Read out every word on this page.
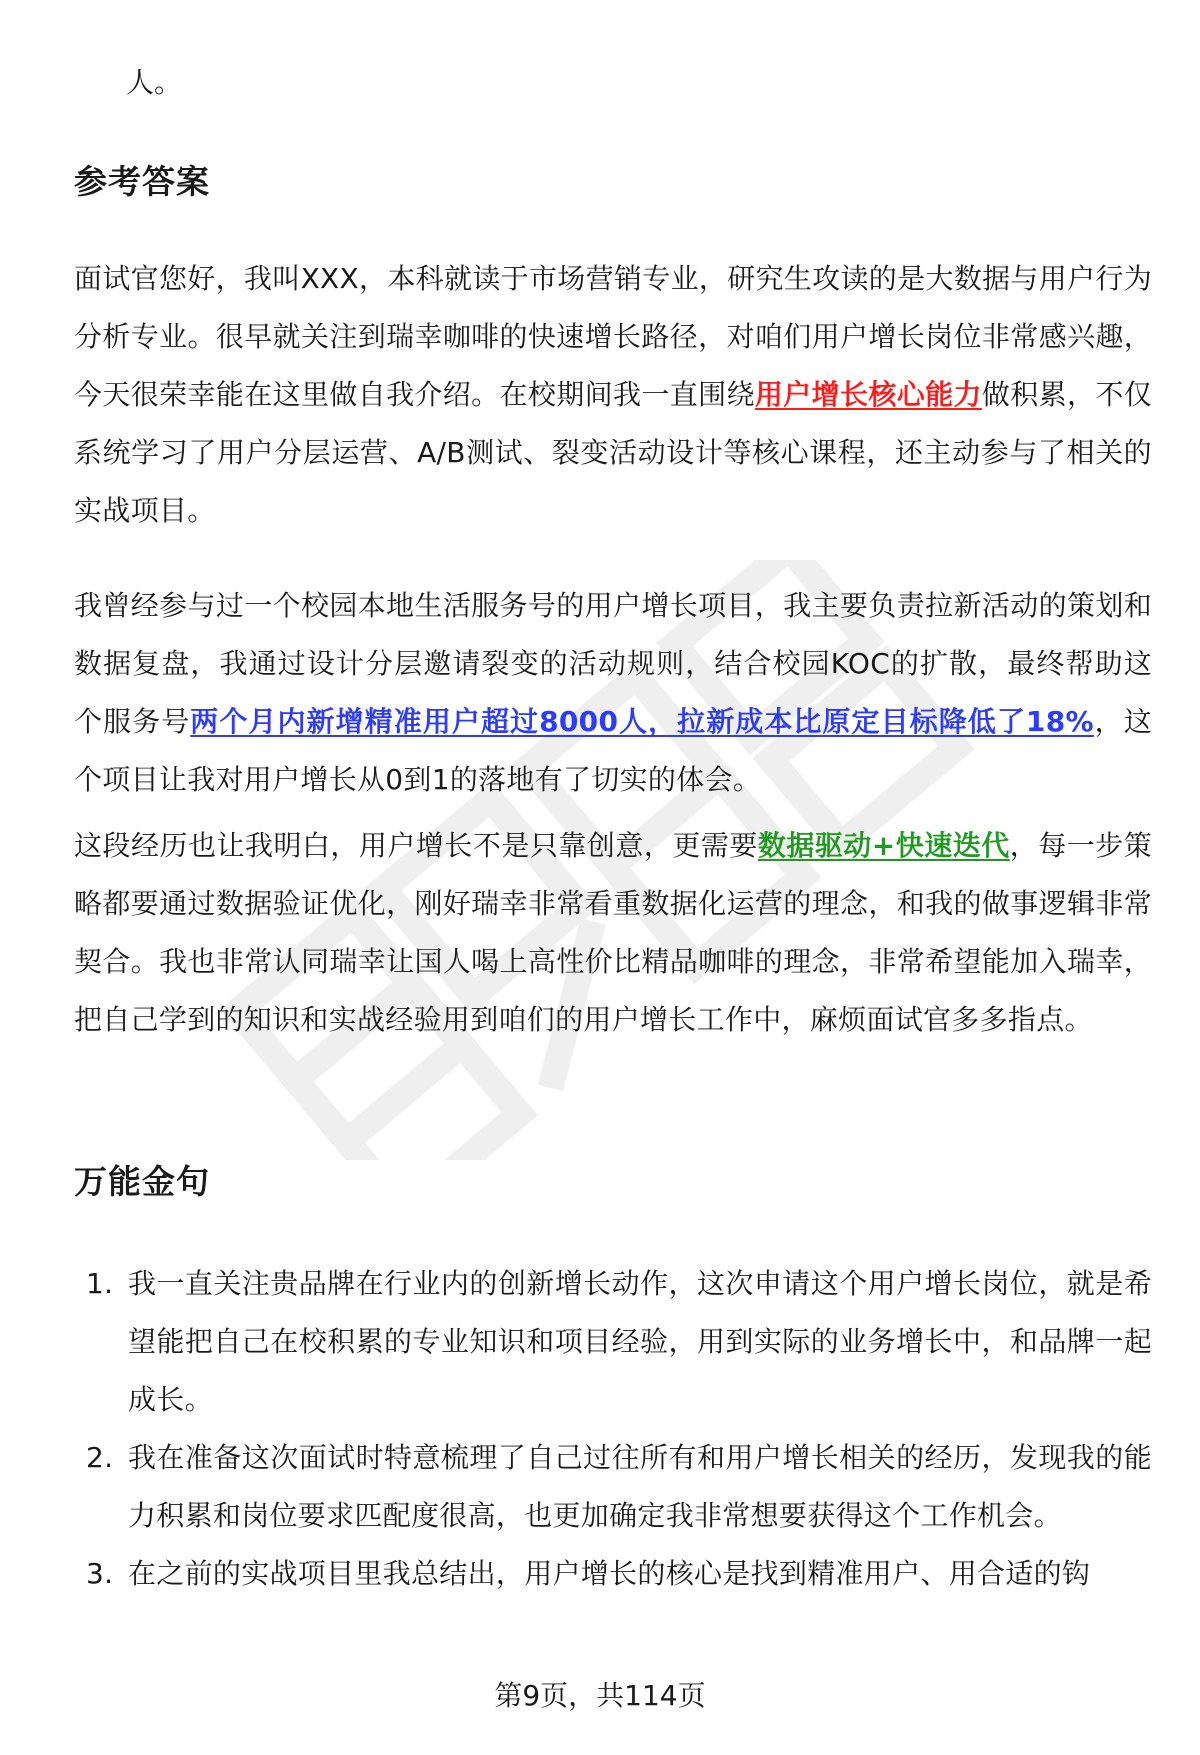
人。
参考答案

面试官您好，我叫XXX，本科就读于市场营销专业，研究生攻读的是大数据与用户行为分析专业。很早就关注到瑞幸咖啡的快速增长路径，对咱们用户增长岗位非常感兴趣，今天很荣幸能在这里做自我介绍。在校期间我一直围绕用户增长核心能力做积累，不仅系统学习了用户分层运营、A/B测试、裂变活动设计等核心课程，还主动参与了相关的实战项目。

我曾经参与过一个校园本地生活服务号的用户增长项目，我主要负责拉新活动的策划和数据复盘，我通过设计分层邀请裂变的活动规则，结合校园KOC的扩散，最终帮助这个服务号两个月内新增精准用户超过8000人，拉新成本比原定目标降低了18%，这个项目让我对用户增长从0到1的落地有了切实的体会。

这段经历也让我明白，用户增长不是只靠创意，更需要数据驱动+快速迭代，每一步策略都要通过数据验证优化，刚好瑞幸非常看重数据化运营的理念，和我的做事逻辑非常契合。我也非常认同瑞幸让国人喝上高性价比精品咖啡的理念，非常希望能加入瑞幸，把自己学到的知识和实战经验用到咱们的用户增长工作中，麻烦面试官多多指点。

万能金句
1. 我一直关注贵品牌在行业内的创新增长动作，这次申请这个用户增长岗位，就是希望能把自己在校积累的专业知识和项目经验，用到实际的业务增长中，和品牌一起成长。
2. 我在准备这次面试时特意梳理了自己过往所有和用户增长相关的经历，发现我的能力积累和岗位要求匹配度很高，也更加确定我非常想要获得这个工作机会。
3. 在之前的实战项目里我总结出，用户增长的核心是找到精准用户、用合适的钩
第9页，共114页
